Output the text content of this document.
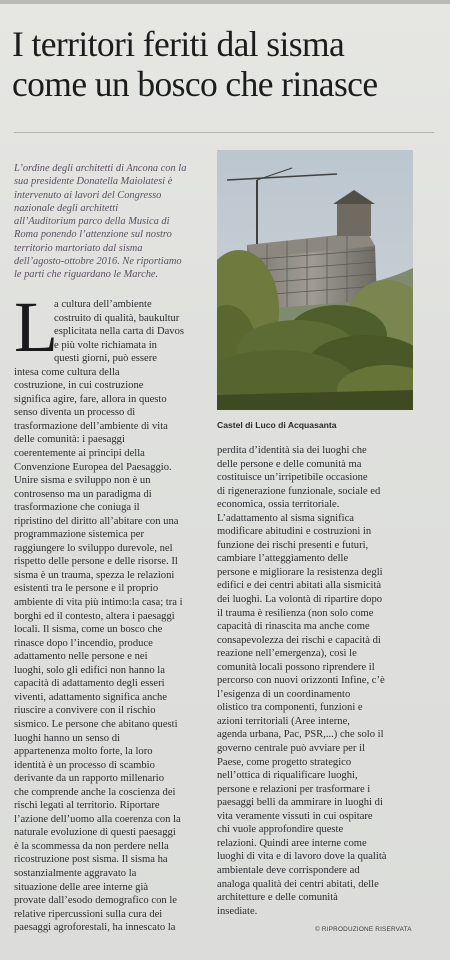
I territori feriti dal sisma
come un bosco che rinasce

L’ordine degli architetti di Ancona con la
sua presidente Donatella Maiolatesi è
intervenuto ai lavori del Congresso
nazionale degli architetti
all’Auditorium parco della Musica di
Roma ponendo l’attenzione sul nostro
territorio martoriato dal sisma
dell’agosto-ottobre 2016. Ne riportiamo
le parti che riguardano le Marche.

Castel di Luco di Acquasanta

L

a cultura dell’ambiente
costruito di qualità, baukultur
esplicitata nella carta di Davos
e più volte richiamata in
questi giorni, può essere
intesa come cultura della
costruzione, in cui costruzione
significa agire, fare, allora in questo
senso diventa un processo di
trasformazione dell’ambiente di vita
delle comunità: i paesaggi
coerentemente ai principi della
Convenzione Europea del Paesaggio.
Unire sisma e sviluppo non è un
controsenso ma un paradigma di
trasformazione che coniuga il
ripristino del diritto all’abitare con una
programmazione sistemica per
raggiungere lo sviluppo durevole, nel
rispetto delle persone e delle risorse. Il
sisma è un trauma, spezza le relazioni
esistenti tra le persone e il proprio
ambiente di vita più intimo:la casa; tra i
borghi ed il contesto, altera i paesaggi
locali. Il sisma, come un bosco che
rinasce dopo l’incendio, produce
adattamento nelle persone e nei
luoghi, solo gli edifici non hanno la
capacità di adattamento degli esseri
viventi, adattamento significa anche
riuscire a convivere con il rischio
sismico. Le persone che abitano questi
luoghi hanno un senso di
appartenenza molto forte, la loro
identità è un processo di scambio
derivante da un rapporto millenario
che comprende anche la coscienza dei
rischi legati al territorio. Riportare
l’azione dell’uomo alla coerenza con la
naturale evoluzione di questi paesaggi
è la scommessa da non perdere nella
ricostruzione post sisma. Il sisma ha
sostanzialmente aggravato la
situazione delle aree interne già
provate dall’esodo demografico con le
relative ripercussioni sulla cura dei
paesaggi agroforestali, ha innescato la

perdita d’identità sia dei luoghi che
delle persone e delle comunità ma
costituisce un’irripetibile occasione
di rigenerazione funzionale, sociale ed
economica, ossia territoriale.
L’adattamento al sisma significa
modificare abitudini e costruzioni in
funzione dei rischi presenti e futuri,
cambiare l’atteggiamento delle
persone e migliorare la resistenza degli
edifici e dei centri abitati alla sismicità
dei luoghi. La volontà di ripartire dopo
il trauma è resilienza (non solo come
capacità di rinascita ma anche come
consapevolezza dei rischi e capacità di
reazione nell’emergenza), così le
comunità locali possono riprendere il
percorso con nuovi orizzonti Infine, c’è
l’esigenza di un coordinamento
olistico tra componenti, funzioni e
azioni territoriali (Aree interne,
agenda urbana, Pac, PSR,...) che solo il
governo centrale può avviare per il
Paese, come progetto strategico
nell’ottica di riqualificare luoghi,
persone e relazioni per trasformare i
paesaggi belli da ammirare in luoghi di
vita veramente vissuti in cui ospitare
chi vuole approfondire queste
relazioni. Quindi aree interne come
luoghi di vita e di lavoro dove la qualità
ambientale deve corrispondere ad
analoga qualità dei centri abitati, delle
architetture e delle comunità
insediate.

© RIPRODUZIONE RISERVATA
